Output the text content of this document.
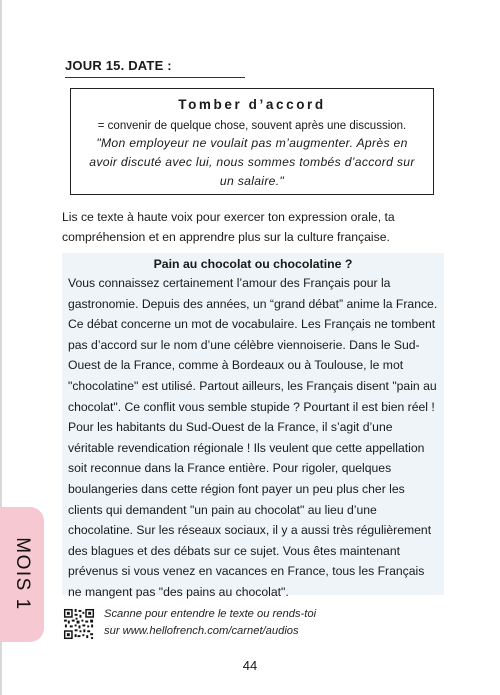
JOUR 15. DATE :
Tomber d’accord
= convenir de quelque chose, souvent après une discussion.
"Mon employeur ne voulait pas m’augmenter. Après en avoir discuté avec lui, nous sommes tombés d’accord sur un salaire."
Lis ce texte à haute voix pour exercer ton expression orale, ta compréhension et en apprendre plus sur la culture française.
Pain au chocolat ou chocolatine ?
Vous connaissez certainement l’amour des Français pour la gastronomie. Depuis des années, un “grand débat” anime la France. Ce débat concerne un mot de vocabulaire. Les Français ne tombent pas d’accord sur le nom d’une célèbre viennoiserie. Dans le Sud-Ouest de la France, comme à Bordeaux ou à Toulouse, le mot "chocolatine" est utilisé. Partout ailleurs, les Français disent "pain au chocolat". Ce conflit vous semble stupide ? Pourtant il est bien réel ! Pour les habitants du Sud-Ouest de la France, il s’agit d’une véritable revendication régionale ! Ils veulent que cette appellation soit reconnue dans la France entière. Pour rigoler, quelques boulangeries dans cette région font payer un peu plus cher les clients qui demandent "un pain au chocolat" au lieu d’une chocolatine. Sur les réseaux sociaux, il y a aussi très régulièrement des blagues et des débats sur ce sujet. Vous êtes maintenant prévenus si vous venez en vacances en France, tous les Français ne mangent pas "des pains au chocolat".
MOIS 1
Scanne pour entendre le texte ou rends-toi
sur www.hellofrench.com/carnet/audios
44
